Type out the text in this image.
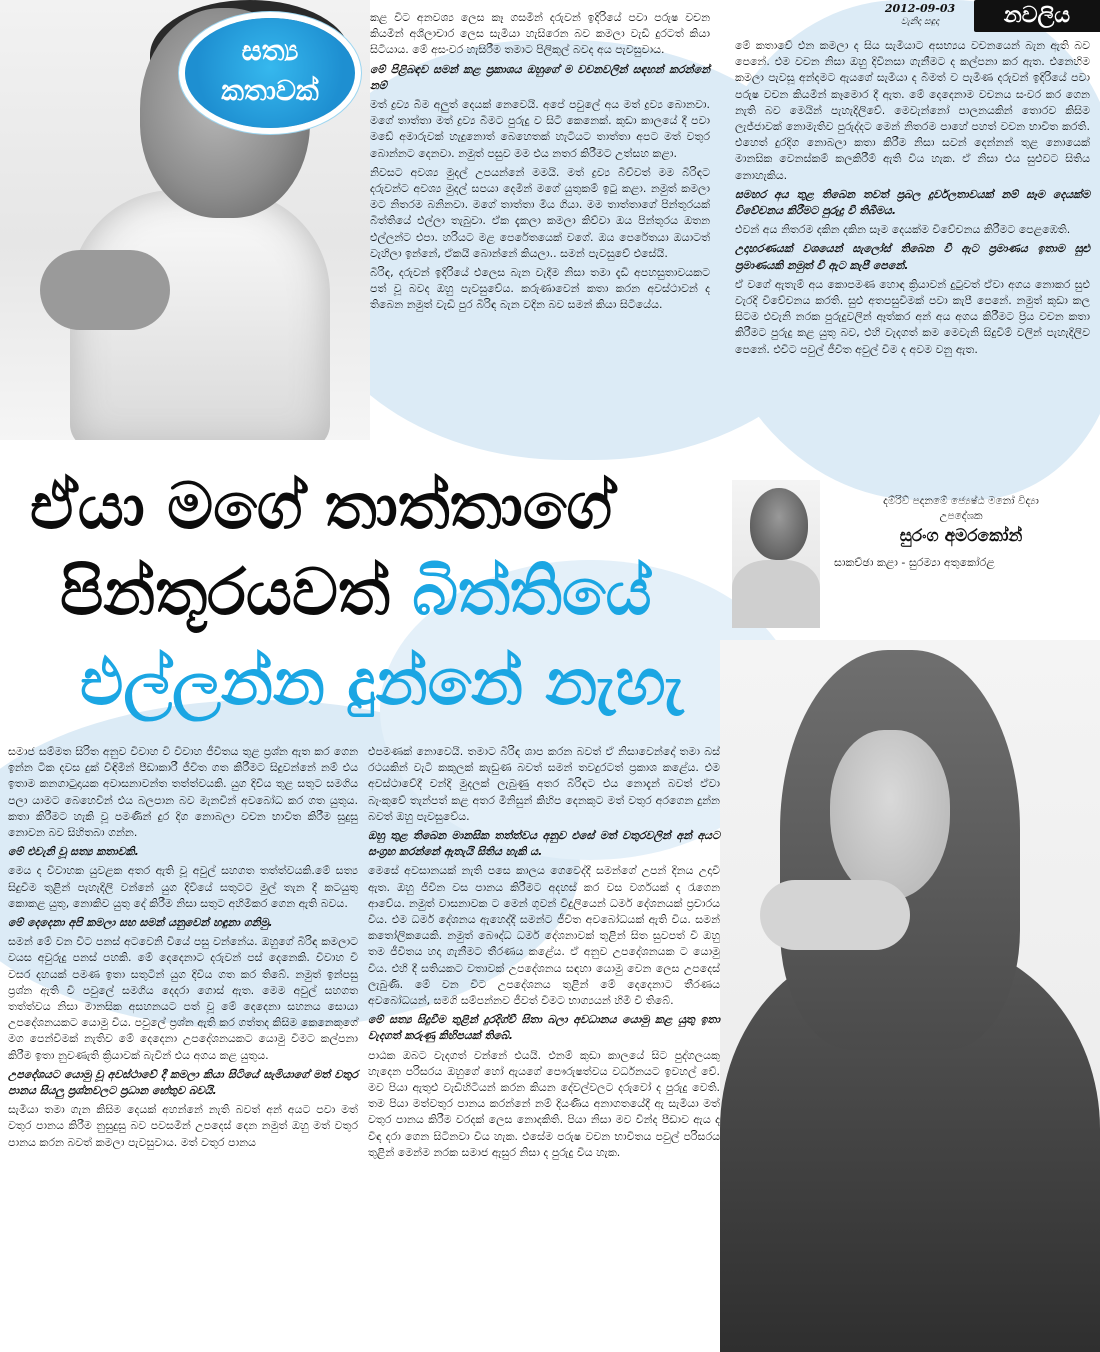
2012-09-03
වැනිදා සඳුදා	නවලිය
සත්‍ය
කතාවක්

කළ විට අනවශ්‍ය ලෙස කෑ ගසමින් දරුවන් ඉදිරියේ පවා පරුෂ වචන කියමින් අශීලාචාර ලෙස සැමියා හැසිරෙන බව කමලා වැඩි දුරටත් කියා සිටියාය. මේ අසංවර හැසිරීම තමාට පිලිකුල් බවද අය පැවසුවාය.

මේ පිළිබඳව සමන් කළ ප්‍රකාශය ඔහුගේ ම වචනවලින් සඳහන් කරන්නේ නම්

මත් ද්‍රව්‍ය බීම අලුත් දෙයක් නෙවෙයි. අපේ පවුලේ අය මත් ද්‍රව්‍ය බොනවා. මගේ තාත්තා මත් ද්‍රව්‍ය බීමට පුරුදු ව සිටි කෙනෙක්. කුඩා කාලයේ දී පවා මඩේ අමාරුවක් හැදුනොත් බෙහෙතක් හැටියට තාත්තා අපට මත් වතුර බොන්නට දෙනවා. නමුත් පසුව මම එය නතර කිරීමට උත්සහ කළා.

නිවසට අවශ්‍ය මුදල් උපයන්නේ මමයි. මත් ද්‍රව්‍ය බිව්වත් මම බිරිඳට දරුවන්ට අවශ්‍ය මුදල් සපයා දෙමින් මගේ යුතුකම් ඉටු කළා. නමුත් කමලා මට නිතරම බනිනවා. මගේ තාත්තා මිය ගියා. මම තාත්තාගේ පින්තූරයක් බිත්තියේ එල්ලා තැබුවා. ඒක දැකලා කමලා කිව්වා ඔය පින්තූරය ඔතන එල්ලන්ට එපා. හරියට මළ පෙරේතයෙක් වගේ. ඔය පෙරේතයා ඔයාටත් වැහිලා ඉන්නේ, ඒකයි බොන්නේ කියලා.. සමන් පැවසුවේ එසේයි.

බිරිඳ, දරුවන් ඉදිරියේ එලෙස බැන වැදීම නිසා තමා දැඩි අපහසුතාවයකට පත් වූ බවද ඔහු පැවසුවේය. කරුණාවෙන් කතා කරන අවස්ථාවන් ද තිබෙන නමුත් වැඩි පුර බිරිඳ බැන වදින බව සමන් කියා සිටියේය.

මේ කතාවේ එන කමලා ද සිය සැමියාට අසභ්‍යය වචනයෙන් බැන ඇති බව පෙනේ. එම වචන නිසා ඔහු දිවිනසා ගැනීමට ද කල්පනා කර ඇත. එනෙහිම කමලා පැවසූ අන්දමට ඇයගේ සැමියා ද බීමත් ව පැමිණ දරුවන් ඉදිරියේ පවා පරුෂ වචන කියමින් කෑමොර දී ඇත. මේ දෙදෙනාම වචනය සංවර කර ගෙන නැති බව මෙයින් පැහැදිලිවේ. මෙවැන්නෝ පාලනයකින් තොරව කිසිම ලැජ්ජාවක් නොමැතිව පුරුද්දට මෙන් නිතරම පාහේ පහත් වචන භාවිත කරති. එහෙත් දුරදිග නොබලා කතා කිරීම නිසා සවන් දෙන්නන් තුළ නොයෙක් මානසික වෙනස්කම් කලකිරීම් ඇති විය හැක. ඒ නිසා එය සුළුවට සිතිය නොහැකිය.

සමහර අය තුළ තිබෙන තවත් ප්‍රබල දුර්වලතාවයක් නම් සෑම දෙයක්ම විවේචනය කිරීමට පුරුදු වී තිබීමය.

එවන් අය නිතරම දකින දකින සෑම දෙයක්ම විවේචනය කිරීමට පෙළඹෙති.

උදාහරණයක් වශයෙන් සැලෝස් තිබෙන වී ඇට ප්‍රමාණය ඉතාම සුළු ප්‍රමාණයකි නමුත් වී ඇට කැපී පෙනේ.

ඒ වගේ ඇතැම් අය කොපමණ හොඳ ක්‍රියාවන් දුටුවත් ඒවා අගය නොකර සුළු වැරදි විවේචනය කරති. සුළු අතපසුවීමක් පවා කැපී පෙනේ. නමුත් කුඩා කල සිටම එවැනි නරක පුරුදුවලින් ඈත්කර අන් අය අගය කිරීමට ප්‍රිය වචන කතා කිරීමට පුරුදු කළ යුතු බව, එහි වැදගත් කම මෙවැනි සිදුවීම් වලින් පැහැදිලිව පෙනේ. එවිට පවුල් ජීවිත අවුල් වීම ද අවම වනු ඇත.

ඒයා මගේ තාත්තාගේ
පින්තූරයවත් බිත්තියේ
එල්ලන්න දුන්නේ නැහැ
දම්රිව් පදනමේ ජ්‍යෙෂ්ඨ මනෝ විද්‍යා
උපදේශක
සුරංග අමරකෝන්
සාකච්ඡා කළා - සුරම්‍යා අතුකෝරළ

සමාජ සම්මත සිරිත අනුව විවාහ වී විවාහ ජීවිතය තුළ ප්‍රශ්න ඇත කර ගෙන ඉන්න ටික දවස දුක් විඳිමින් පීඩාකාරී ජීවිත ගත කිරීමට සිදුවන්නේ නම් එය ඉතාම කනගාටුදායක අවාසනාවන්ත තත්ත්වයකි. යුග දිවිය තුළ සතුට සමගිය පලා යාමට බෙහෙවින් එය බලපාන බව මැනවින් අවබෝධ කර ගත යුතුය. කතා කිරීමට හැකි වූ පමණින් දුර දිග නොබලා වචන භාවිත කිරීම සුදුසු නොවන බව සිහිතබා ගන්න.

මේ එවැනි වූ සත්‍ය කතාවකි.

මෙය ද විවාහක යුවළක අතර ඇති වූ අවුල් සහගත තත්ත්වයකි.මේ සත්‍ය සිදුවීම තුළින් පැහැදිලි වන්නේ යුග දිවියේ සතුටට මුල් තැන දී කටයුතු කොකළ යුතු, නොකිව යුතු දේ කිරීම නිසා සතුට අහිමිකර ගෙන ඇති බවය.

මේ දෙදෙනා අපි කමලා සහ සමන් යනුවෙන් හඳුනා ගනිමු.

සමන් මේ වන විට පනස් අටවෙනි වියේ පසු වන්නේය. ඔහුගේ බිරිඳ කමලාට වයස අවුරුදු පනස් පහකි. මේ දෙදෙනාට දරුවන් පස් දෙනෙකි. විවාහ වී වසර දහයක් පමණ ඉතා සතුටින් යුග දිවිය ගත කර තිබේ. නමුත් ඉන්පසු ප්‍රශ්න ඇති වී පවුලේ සමගිය දෙදරා ගොස් ඇත. මෙම අවුල් සහගත තත්ත්වය නිසා මානසික අසහනයට පත් වූ මේ දෙදෙනා සහනය සොයා උපදේශනයකට යොමු විය. පවුලේ ප්‍රශ්න ඇති කර ගත්තද කිසිම කෙනෙකුගේ මග පෙන්වීමක් නැතිව මේ දෙදෙනා උපදේශනයකට යොමු වීමට කල්පනා කිරීම ඉතා නුවණැති ක්‍රියාවක් බැවින් එය අගය කළ යුතුය.

උපදේශයට යොමු වූ අවස්ථාවේ දී කමලා කියා සිටියේ සැමියාගේ මත් වතුර පානය සියලු ප්‍රශ්නවලට ප්‍රධාන හේතුව බවයි.

සැමියා තමා ගැන කිසිම දෙයක් අහන්නේ නැති බවත් අන් අයට පවා මත් වතුර පානය කිරීම නුසුදුසු බව පවසමින් උපදෙස් දෙන නමුත් ඔහු මත් වතුර පානය කරන බවත් කමලා පැවසුවාය. මත් වතුර පානය

එපමණක් නොවෙයි. තමාට බිරිඳ ශාප කරන බවත් ඒ නිසාවෙන්දෝ තමා බස් රථයකින් වැටී කකුලක් කැඩුණ බවත් සමන් තවදුරටත් ප්‍රකාශ කළේය. එම අවස්ථාවේදී චන්දි මුදලක් ලැබුණු අතර බිරිඳට එය නොදැන් බවත් ඒවා බැංකුවේ තැන්පත් කළ අතර මිනිසුන් කිහිප දෙනකුට මත් වතුර අරගෙන දුන්න බවත් ඔහු පැවසුවේය.

ඔහු තුළ තිබෙන මානසික තත්ත්වය අනුව එසේ මත් වතුරවලින් අන් අයට සංග්‍රහ කරන්නේ ඇතැයි සිතිය හැකි ය.

මෙසේ අවසානයක් නැති පසෙ කාලය ගෙවෙද්දී සමන්ගේ උපන් දිනය උදාවී ඇත. ඔහු ජිවින වස පානය කිරීමට අදහස් කර වස වර්ගයක් ද රැගෙන ආවේය. නමුත් වාසනාවක ට මෙන් ගුවන් විදුලියෙන් ධර්ම දේශනයක් ප්‍රචාරය විය. එම ධර්ම දේශනය ඇහෙද්දී සමන්ට ජීවිත අවබෝධයක් ඇති විය. සමන් කතෝලිකයෙකි. නමුත් බෞද්ධ ධර්ම දේශනාවක් තුළින් සිත සුවපත් වී ඔහු තම ජීවිතය හදා ගැනීමට තීරණය කළේය. ඒ අනුව උපදේශනයක ට යොමු විය. එහි දී සතියකට වතාවක් උපදේශනය සඳහා යොමු වෙන ලෙස උපදෙස් ලැබුණි. මේ වන විට උපදේශනය තුළින් මේ දෙදෙනාට තීරණය අවබෝධයන්, සමගි සම්පන්නව ජීවත් වීමට භාග්‍යයන් හිමි වී තිබේ.

මේ සත්‍ය සිදුවීම තුළින් දුරදිග්වී සිතා බලා අවධානය යොමු කළ යුතු ඉතා වැදගත් කරුණු කිහිපයක් තිබේ.

පාඨක ඔබට වැදගත් වන්නේ එයයි. එනම් කුඩා කාලයේ සිට පුද්ගලයකු හැදෙන පරිසරය ඔහුගේ හෝ ඇයගේ පෞරුෂත්වය වර්ධනයට ඉවහල් වේ. මව පියා ඇතුළු වැඩිහිටියන් කරන කියන දේවල්වලට දරුවෝ ද පුරුදු වෙති. තම පියා මත්වතුර පානය කරන්නේ නම් දියණිය අනාගතයේදී ඇ සැමියා මත් වතුර පානය කිරීම වරදක් ලෙස නොදකිති. පියා නිසා මව වින්ද පීඩාව ඇය ද විඳ දරා ගෙන සිටිනවා විය හැක. එසේම පරුෂ වචන භාවිතය පවුල් පරිසරය තුළින් මෙන්ම නරක සමාජ ඇසුර නිසා ද පුරුදු විය හැක.
